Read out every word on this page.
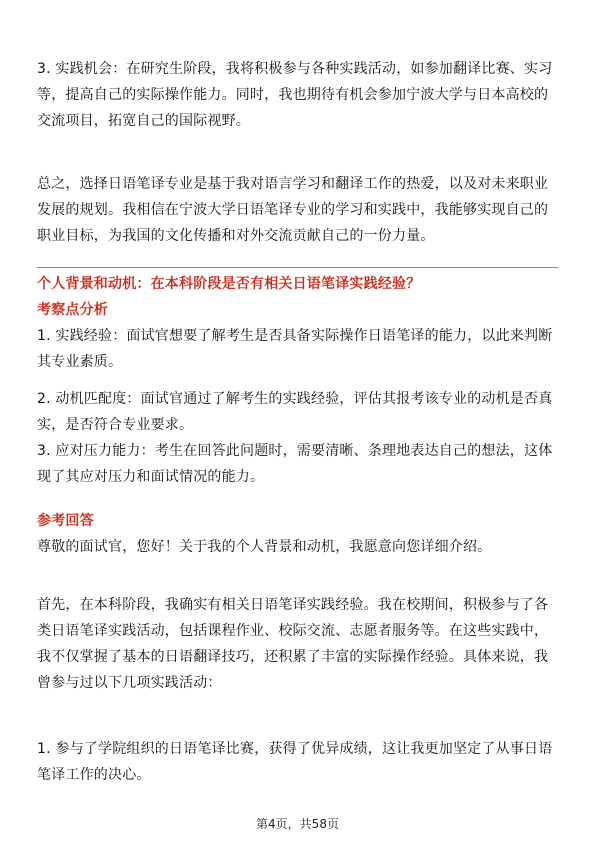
3. 实践机会：在研究生阶段，我将积极参与各种实践活动，如参加翻译比赛、实习等，提高自己的实际操作能力。同时，我也期待有机会参加宁波大学与日本高校的交流项目，拓宽自己的国际视野。

总之，选择日语笔译专业是基于我对语言学习和翻译工作的热爱，以及对未来职业发展的规划。我相信在宁波大学日语笔译专业的学习和实践中，我能够实现自己的职业目标，为我国的文化传播和对外交流贡献自己的一份力量。

个人背景和动机：在本科阶段是否有相关日语笔译实践经验？

考察点分析

1. 实践经验：面试官想要了解考生是否具备实际操作日语笔译的能力，以此来判断其专业素质。

2. 动机匹配度：面试官通过了解考生的实践经验，评估其报考该专业的动机是否真实，是否符合专业要求。

3. 应对压力能力：考生在回答此问题时，需要清晰、条理地表达自己的想法，这体现了其应对压力和面试情况的能力。

参考回答

尊敬的面试官，您好！关于我的个人背景和动机，我愿意向您详细介绍。

首先，在本科阶段，我确实有相关日语笔译实践经验。我在校期间，积极参与了各类日语笔译实践活动，包括课程作业、校际交流、志愿者服务等。在这些实践中，我不仅掌握了基本的日语翻译技巧，还积累了丰富的实际操作经验。具体来说，我曾参与过以下几项实践活动：

1. 参与了学院组织的日语笔译比赛，获得了优异成绩，这让我更加坚定了从事日语笔译工作的决心。

第4页，共58页
